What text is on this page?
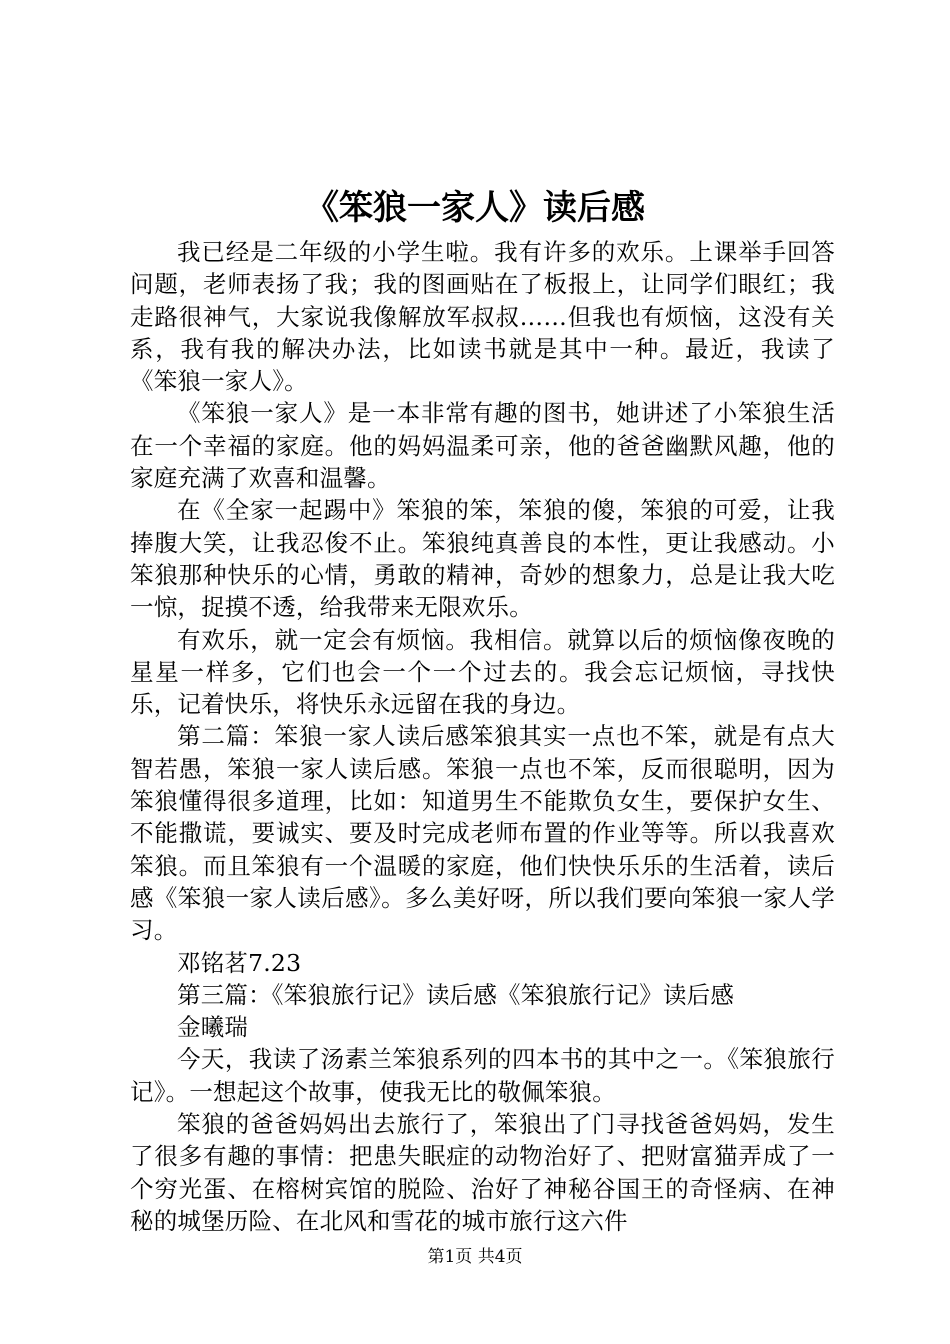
《笨狼一家人》读后感

我已经是二年级的小学生啦。我有许多的欢乐。上课举手回答问题，老师表扬了我；我的图画贴在了板报上，让同学们眼红；我走路很神气，大家说我像解放军叔叔……但我也有烦恼，这没有关系，我有我的解决办法，比如读书就是其中一种。最近，我读了《笨狼一家人》。

《笨狼一家人》是一本非常有趣的图书，她讲述了小笨狼生活在一个幸福的家庭。他的妈妈温柔可亲，他的爸爸幽默风趣，他的家庭充满了欢喜和温馨。

在《全家一起踢中》笨狼的笨，笨狼的傻，笨狼的可爱，让我捧腹大笑，让我忍俊不止。笨狼纯真善良的本性，更让我感动。小笨狼那种快乐的心情，勇敢的精神，奇妙的想象力，总是让我大吃一惊，捉摸不透，给我带来无限欢乐。

有欢乐，就一定会有烦恼。我相信。就算以后的烦恼像夜晚的星星一样多，它们也会一个一个过去的。我会忘记烦恼，寻找快乐，记着快乐，将快乐永远留在我的身边。

第二篇：笨狼一家人读后感笨狼其实一点也不笨，就是有点大智若愚，笨狼一家人读后感。笨狼一点也不笨，反而很聪明，因为笨狼懂得很多道理，比如：知道男生不能欺负女生，要保护女生、不能撒谎，要诚实、要及时完成老师布置的作业等等。所以我喜欢笨狼。而且笨狼有一个温暖的家庭，他们快快乐乐的生活着，读后感《笨狼一家人读后感》。多么美好呀，所以我们要向笨狼一家人学习。

邓铭茗7.23

第三篇：《笨狼旅行记》读后感《笨狼旅行记》读后感

金曦瑞

今天，我读了汤素兰笨狼系列的四本书的其中之一。《笨狼旅行记》。一想起这个故事，使我无比的敬佩笨狼。

笨狼的爸爸妈妈出去旅行了，笨狼出了门寻找爸爸妈妈，发生了很多有趣的事情：把患失眠症的动物治好了、把财富猫弄成了一个穷光蛋、在榕树宾馆的脱险、治好了神秘谷国王的奇怪病、在神秘的城堡历险、在北风和雪花的城市旅行这六件

第1页 共4页
